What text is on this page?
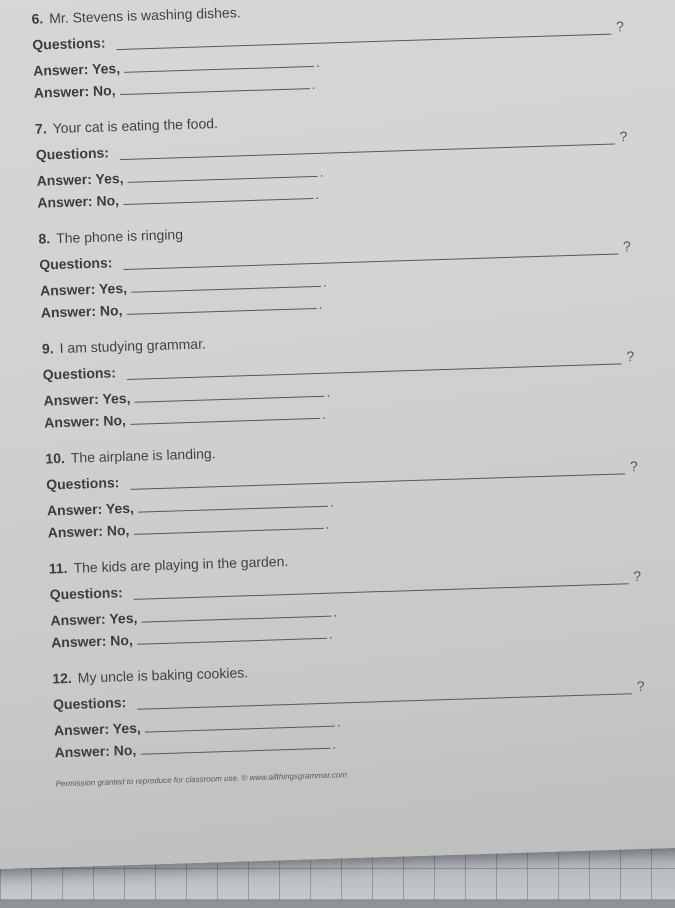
6. Mr. Stevens is washing dishes.
Questions:
?
Answer: Yes,	.
Answer: No,	.
7. Your cat is eating the food.
Questions:
?
Answer: Yes,	.
Answer: No,	.
8. The phone is ringing
Questions:
?
Answer: Yes,	.
Answer: No,	.
9. I am studying grammar.
Questions:
?
Answer: Yes,	.
Answer: No,	.
10. The airplane is landing.
Questions:
?
Answer: Yes,	.
Answer: No,	.
11. The kids are playing in the garden.
Questions:
?
Answer: Yes,	.
Answer: No,	.
12. My uncle is baking cookies.
Questions:
?
Answer: Yes,	.
Answer: No,	.
Permission granted to reproduce for classroom use. © www.allthingsgrammar.com
